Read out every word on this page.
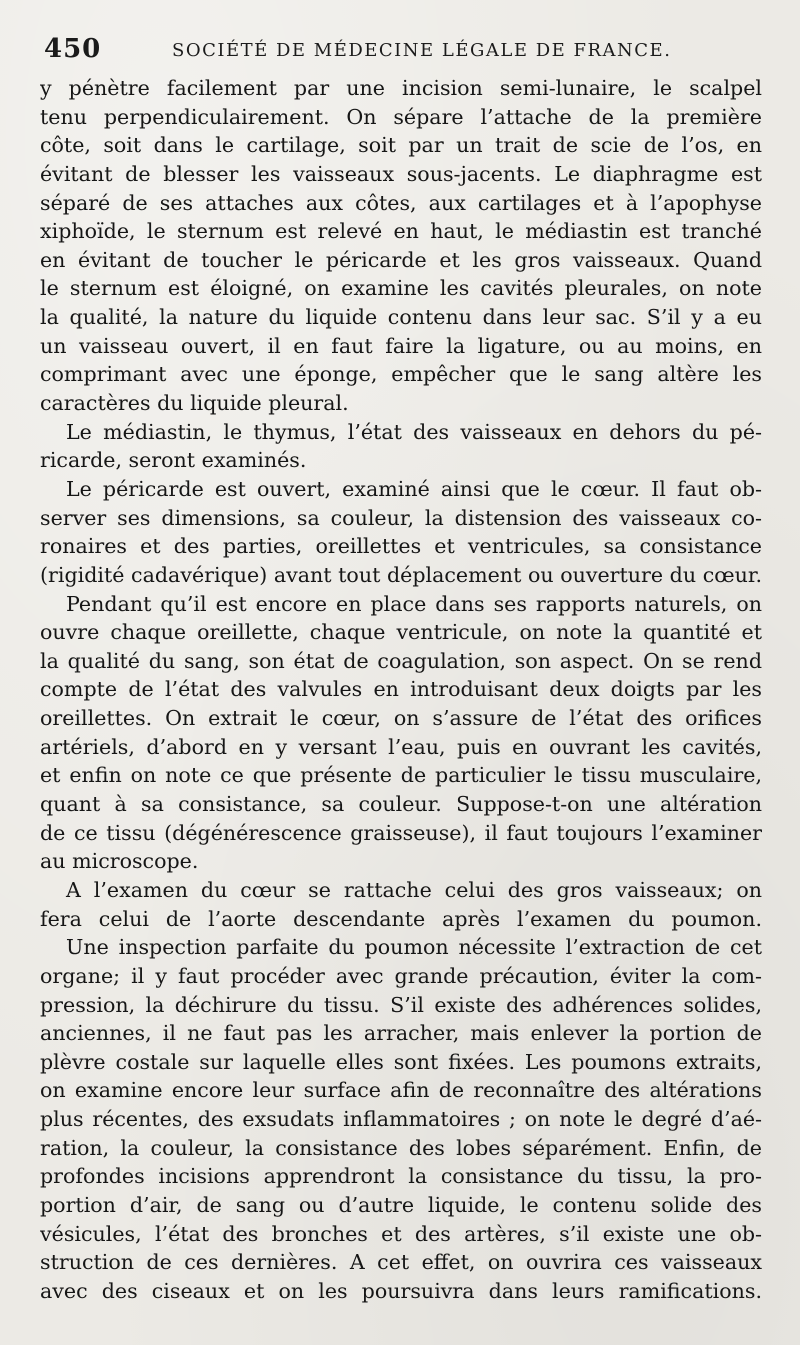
450	SOCIÉTÉ DE MÉDECINE LÉGALE DE FRANCE.
y pénètre facilement par une incision semi-lunaire, le scalpel
tenu perpendiculairement. On sépare l’attache de la première
côte, soit dans le cartilage, soit par un trait de scie de l’os, en
évitant de blesser les vaisseaux sous-jacents. Le diaphragme est
séparé de ses attaches aux côtes, aux cartilages et à l’apophyse
xiphoïde, le sternum est relevé en haut, le médiastin est tranché
en évitant de toucher le péricarde et les gros vaisseaux. Quand
le sternum est éloigné, on examine les cavités pleurales, on note
la qualité, la nature du liquide contenu dans leur sac. S’il y a eu
un vaisseau ouvert, il en faut faire la ligature, ou au moins, en
comprimant avec une éponge, empêcher que le sang altère les
caractères du liquide pleural.
Le médiastin, le thymus, l’état des vaisseaux en dehors du pé-
ricarde, seront examinés.
Le péricarde est ouvert, examiné ainsi que le cœur. Il faut ob-
server ses dimensions, sa couleur, la distension des vaisseaux co-
ronaires et des parties, oreillettes et ventricules, sa consistance
(rigidité cadavérique) avant tout déplacement ou ouverture du cœur.
Pendant qu’il est encore en place dans ses rapports naturels, on
ouvre chaque oreillette, chaque ventricule, on note la quantité et
la qualité du sang, son état de coagulation, son aspect. On se rend
compte de l’état des valvules en introduisant deux doigts par les
oreillettes. On extrait le cœur, on s’assure de l’état des orifices
artériels, d’abord en y versant l’eau, puis en ouvrant les cavités,
et enfin on note ce que présente de particulier le tissu musculaire,
quant à sa consistance, sa couleur. Suppose-t-on une altération
de ce tissu (dégénérescence graisseuse), il faut toujours l’examiner
au microscope.
A l’examen du cœur se rattache celui des gros vaisseaux; on
fera celui de l’aorte descendante après l’examen du poumon.
Une inspection parfaite du poumon nécessite l’extraction de cet
organe; il y faut procéder avec grande précaution, éviter la com-
pression, la déchirure du tissu. S’il existe des adhérences solides,
anciennes, il ne faut pas les arracher, mais enlever la portion de
plèvre costale sur laquelle elles sont fixées. Les poumons extraits,
on examine encore leur surface afin de reconnaître des altérations
plus récentes, des exsudats inflammatoires ; on note le degré d’aé-
ration, la couleur, la consistance des lobes séparément. Enfin, de
profondes incisions apprendront la consistance du tissu, la pro-
portion d’air, de sang ou d’autre liquide, le contenu solide des
vésicules, l’état des bronches et des artères, s’il existe une ob-
struction de ces dernières. A cet effet, on ouvrira ces vaisseaux
avec des ciseaux et on les poursuivra dans leurs ramifications.
